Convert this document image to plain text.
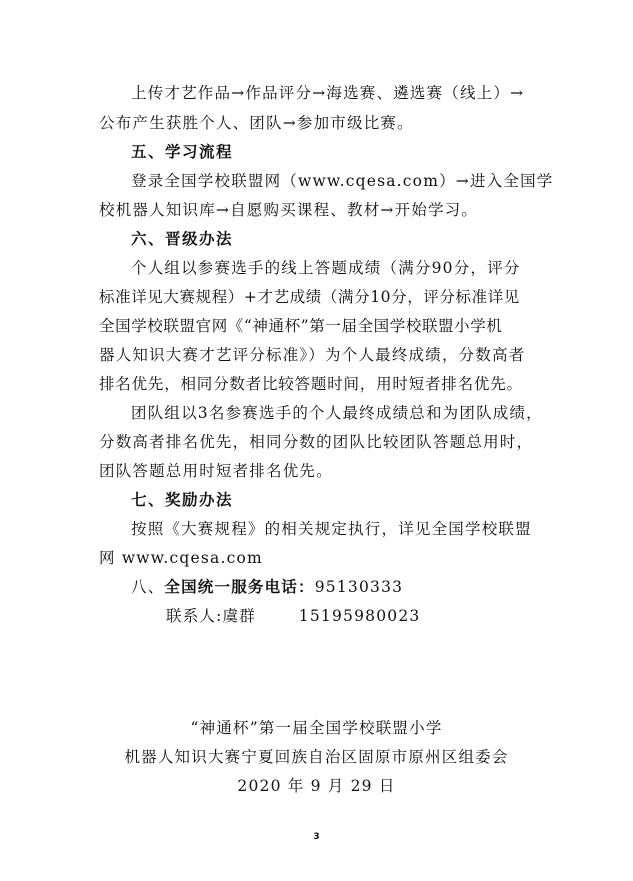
上传才艺作品→作品评分→海选赛、遴选赛（线上）→
公布产生获胜个人、团队→参加市级比赛。
五、学习流程
登录全国学校联盟网（www.cqesa.com）→进入全国学
校机器人知识库→自愿购买课程、教材→开始学习。
六、晋级办法
个人组以参赛选手的线上答题成绩（满分90分，评分
标准详见大赛规程）+才艺成绩（满分10分，评分标准详见
全国学校联盟官网《“神通杯”第一届全国学校联盟小学机
器人知识大赛才艺评分标准》）为个人最终成绩，分数高者
排名优先，相同分数者比较答题时间，用时短者排名优先。
团队组以3名参赛选手的个人最终成绩总和为团队成绩，
分数高者排名优先，相同分数的团队比较团队答题总用时，
团队答题总用时短者排名优先。
七、奖励办法
按照《大赛规程》的相关规定执行，详见全国学校联盟
网 www.cqesa.com
八、全国统一服务电话：95130333
联系人:虞群       15195980023
“神通杯”第一届全国学校联盟小学
机器人知识大赛宁夏回族自治区固原市原州区组委会
2020 年 9 月 29 日
3
